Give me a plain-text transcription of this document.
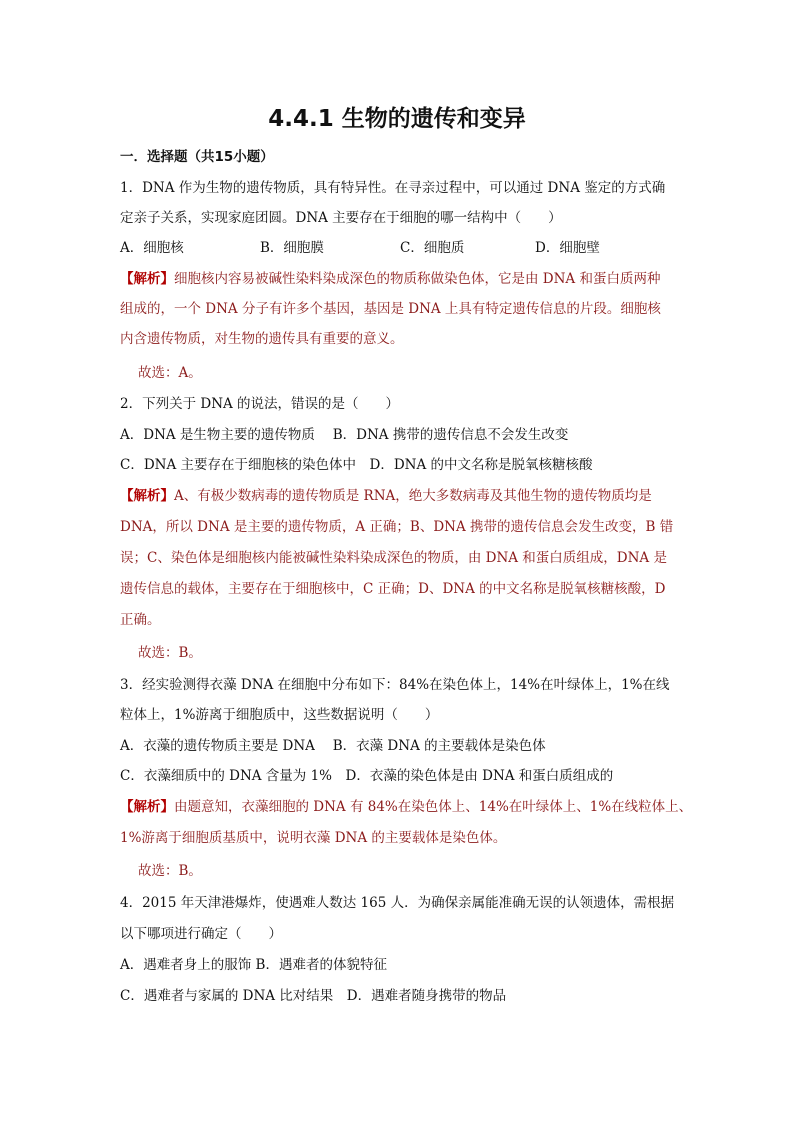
4.4.1 生物的遗传和变异
一．选择题（共15小题）
1．DNA 作为生物的遗传物质，具有特异性。在寻亲过程中，可以通过 DNA 鉴定的方式确
定亲子关系，实现家庭团圆。DNA 主要存在于细胞的哪一结构中（　　）
A．细胞核	B．细胞膜	C．细胞质	D．细胞壁
【解析】细胞核内容易被碱性染料染成深色的物质称做染色体，它是由 DNA 和蛋白质两种
组成的，一个 DNA 分子有许多个基因，基因是 DNA 上具有特定遗传信息的片段。细胞核
内含遗传物质，对生物的遗传具有重要的意义。
故选：A。
2．下列关于 DNA 的说法，错误的是（　　）
A．DNA 是生物主要的遗传物质　 B．DNA 携带的遗传信息不会发生改变
C．DNA 主要存在于细胞核的染色体中　D．DNA 的中文名称是脱氧核糖核酸
【解析】A、有极少数病毒的遗传物质是 RNA，绝大多数病毒及其他生物的遗传物质均是
DNA，所以 DNA 是主要的遗传物质，A 正确；B、DNA 携带的遗传信息会发生改变，B 错
误；C、染色体是细胞核内能被碱性染料染成深色的物质，由 DNA 和蛋白质组成，DNA 是
遗传信息的载体，主要存在于细胞核中，C 正确；D、DNA 的中文名称是脱氧核糖核酸，D
正确。
故选：B。
3．经实验测得衣藻 DNA 在细胞中分布如下：84%在染色体上，14%在叶绿体上，1%在线
粒体上，1%游离于细胞质中，这些数据说明（　　）
A．衣藻的遗传物质主要是 DNA　 B．衣藻 DNA 的主要载体是染色体
C．衣藻细质中的 DNA 含量为 1%　D．衣藻的染色体是由 DNA 和蛋白质组成的
【解析】由题意知，衣藻细胞的 DNA 有 84%在染色体上、14%在叶绿体上、1%在线粒体上、
1%游离于细胞质基质中，说明衣藻 DNA 的主要载体是染色体。
故选：B。
4．2015 年天津港爆炸，使遇难人数达 165 人．为确保亲属能准确无误的认领遗体，需根据
以下哪项进行确定（　　）
A．遇难者身上的服饰 B．遇难者的体貌特征
C．遇难者与家属的 DNA 比对结果　D．遇难者随身携带的物品
